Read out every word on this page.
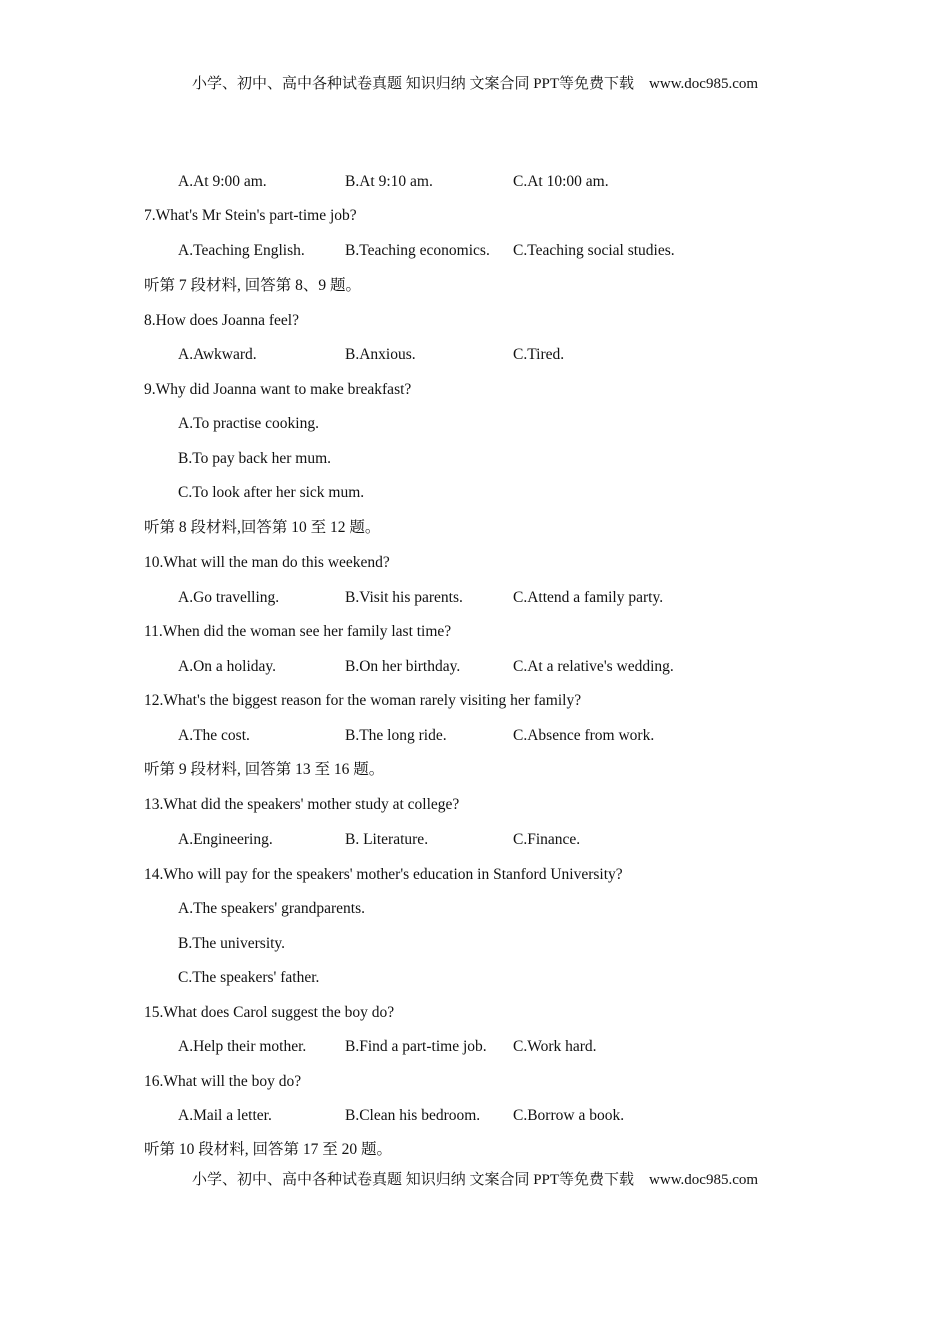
小学、初中、高中各种试卷真题 知识归纳 文案合同 PPT等免费下载    www.doc985.com
A.At 9:00 am.	B.At 9:10 am.	C.At 10:00 am.
7.What's Mr Stein's part-time job?
A.Teaching English.	B.Teaching economics. C.Teaching social studies.
听第 7 段材料, 回答第 8、9 题。
8.How does Joanna feel?
A.Awkward.	B.Anxious.	C.Tired.
9.Why did Joanna want to make breakfast?
A.To practise cooking.
B.To pay back her mum.
C.To look after her sick mum.
听第 8 段材料,回答第 10 至 12 题。
10.What will the man do this weekend?
A.Go travelling.	B.Visit his parents.	C.Attend a family party.
11.When did the woman see her family last time?
A.On a holiday.	B.On her birthday.	C.At a relative's wedding.
12.What's the biggest reason for the woman rarely visiting her family?
A.The cost.	B.The long ride.	C.Absence from work.
听第 9 段材料, 回答第 13 至 16 题。
13.What did the speakers' mother study at college?
A.Engineering.	B. Literature.	C.Finance.
14.Who will pay for the speakers' mother's education in Stanford University?
A.The speakers' grandparents.
B.The university.
C.The speakers' father.
15.What does Carol suggest the boy do?
A.Help their mother. B.Find a part-time job. C.Work hard.
16.What will the boy do?
A.Mail a letter.	B.Clean his bedroom. C.Borrow a book.
听第 10 段材料, 回答第 17 至 20 题。
小学、初中、高中各种试卷真题 知识归纳 文案合同 PPT等免费下载    www.doc985.com
